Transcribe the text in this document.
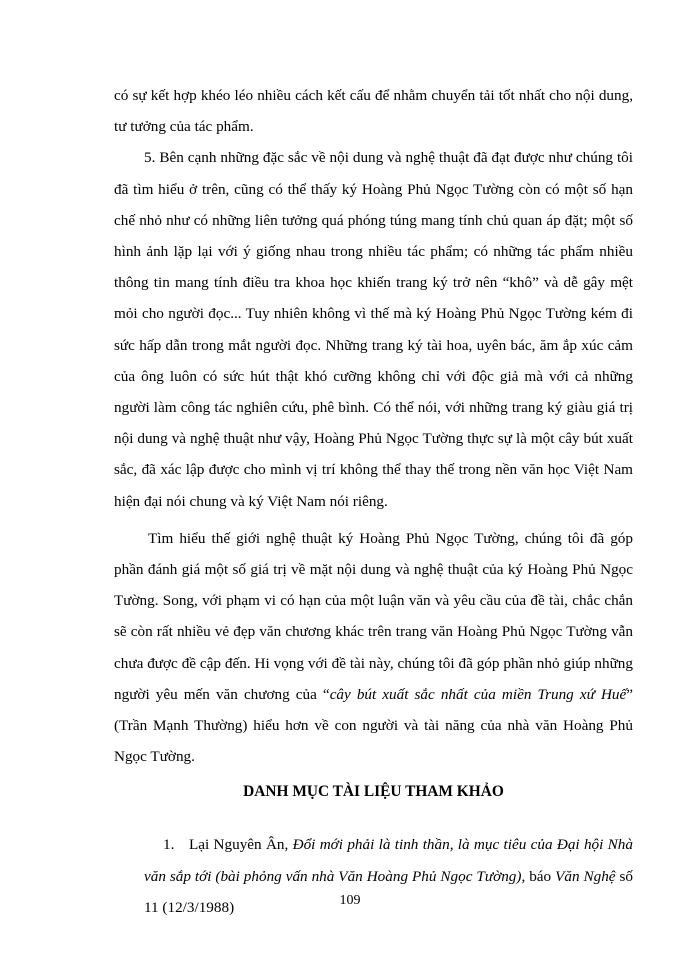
có sự kết hợp khéo léo nhiều cách kết cấu để nhằm chuyển tải tốt nhất cho nội dung, tư tưởng của tác phẩm.

5. Bên cạnh những đặc sắc về nội dung và nghệ thuật đã đạt được như chúng tôi đã tìm hiểu ở trên, cũng có thể thấy ký Hoàng Phủ Ngọc Tường còn có một số hạn chế nhỏ như có những liên tưởng quá phóng túng mang tính chủ quan áp đặt; một số hình ảnh lặp lại với ý giống nhau trong nhiều tác phẩm; có những tác phẩm nhiều thông tin mang tính điều tra khoa học khiến trang ký trở nên “khô” và dễ gây mệt mỏi cho người đọc... Tuy nhiên không vì thế mà ký Hoàng Phủ Ngọc Tường kém đi sức hấp dẫn trong mắt người đọc. Những trang ký tài hoa, uyên bác, ăm ắp xúc cảm của ông luôn có sức hút thật khó cưỡng không chỉ với độc giả mà với cả những người làm công tác nghiên cứu, phê bình. Có thể nói, với những trang ký giàu giá trị nội dung và nghệ thuật như vậy, Hoàng Phủ Ngọc Tường thực sự là một cây bút xuất sắc, đã xác lập được cho mình vị trí không thể thay thế trong nền văn học Việt Nam hiện đại nói chung và ký Việt Nam nói riêng.

Tìm hiểu thế giới nghệ thuật ký Hoàng Phủ Ngọc Tường, chúng tôi đã góp phần đánh giá một số giá trị về mặt nội dung và nghệ thuật của ký Hoàng Phủ Ngọc Tường. Song, với phạm vi có hạn của một luận văn và yêu cầu của đề tài, chắc chắn sẽ còn rất nhiều vẻ đẹp văn chương khác trên trang văn Hoàng Phủ Ngọc Tường vẫn chưa được đề cập đến. Hi vọng với đề tài này, chúng tôi đã góp phần nhỏ giúp những người yêu mến văn chương của “cây bút xuất sắc nhất của miền Trung xứ Huế” (Trần Mạnh Thường) hiểu hơn về con người và tài năng của nhà văn Hoàng Phủ Ngọc Tường.

DANH MỤC TÀI LIỆU THAM KHẢO

1. Lại Nguyên Ân, Đổi mới phải là tinh thần, là mục tiêu của Đại hội Nhà văn sắp tới (bài phỏng vấn nhà Văn Hoàng Phủ Ngọc Tường), báo Văn Nghệ số 11 (12/3/1988)	109
